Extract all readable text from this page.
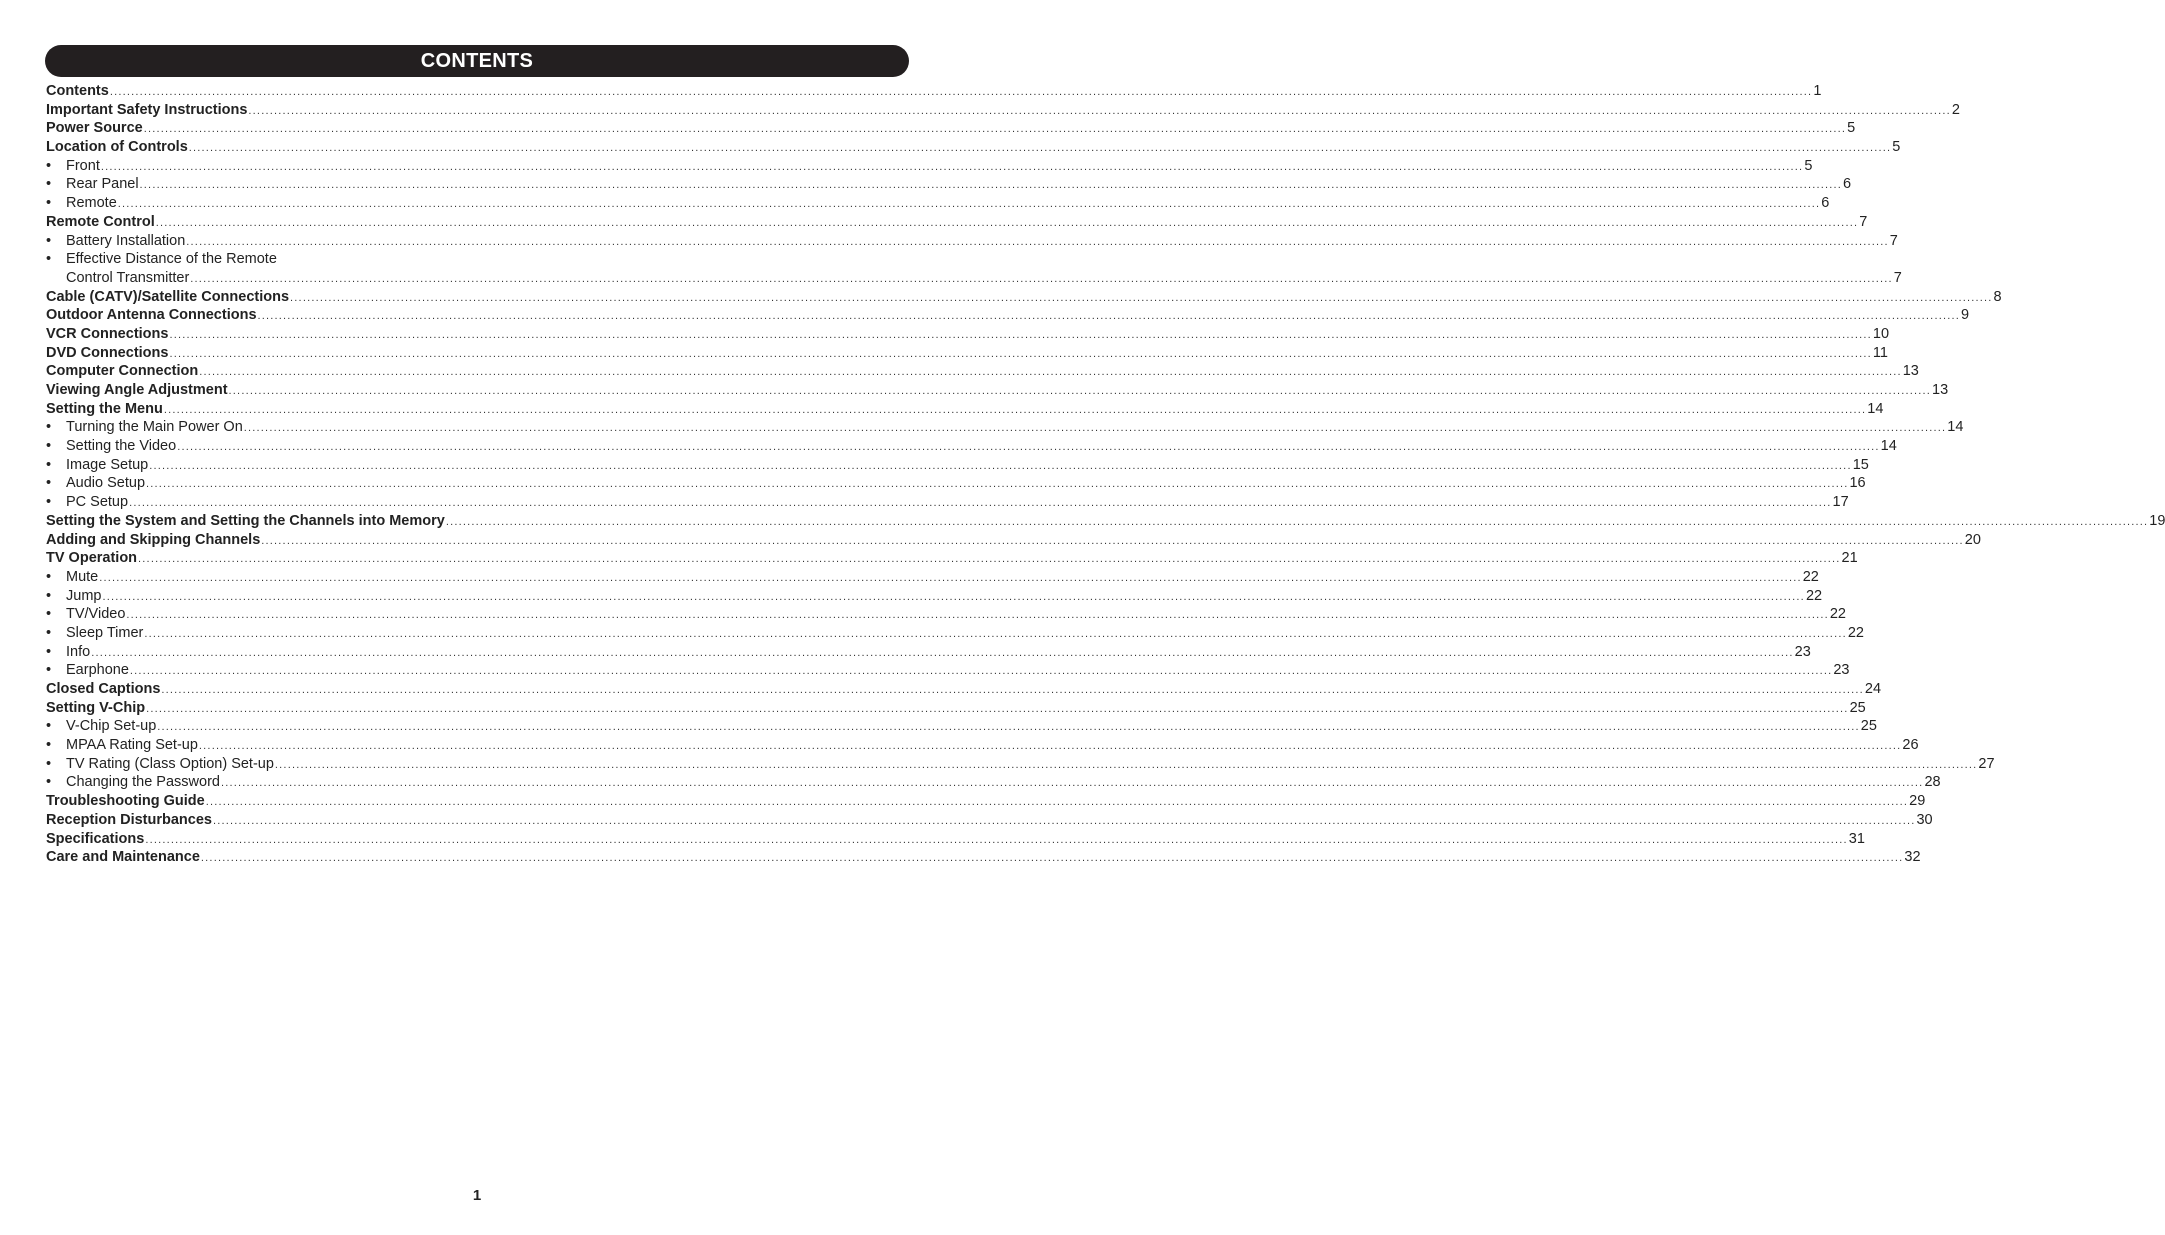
CONTENTS
Contents ................................................................................................................................................................................................................................................................................................................................................................................................................ 1
Important Safety Instructions ................................................................................................................................................................................................................................................................................................................................................................................................................ 2
Power Source ................................................................................................................................................................................................................................................................................................................................................................................................................ 5
Location of Controls ................................................................................................................................................................................................................................................................................................................................................................................................................ 5
•	Front ................................................................................................................................................................................................................................................................................................................................................................................................................ 5
•	Rear Panel ................................................................................................................................................................................................................................................................................................................................................................................................................ 6
•	Remote ................................................................................................................................................................................................................................................................................................................................................................................................................ 6
Remote Control ................................................................................................................................................................................................................................................................................................................................................................................................................ 7
•	Battery Installation ................................................................................................................................................................................................................................................................................................................................................................................................................ 7
•	Effective Distance of the Remote
Control Transmitter ................................................................................................................................................................................................................................................................................................................................................................................................................ 7
Cable (CATV)/Satellite Connections ................................................................................................................................................................................................................................................................................................................................................................................................................ 8
Outdoor Antenna Connections ................................................................................................................................................................................................................................................................................................................................................................................................................ 9
VCR Connections ................................................................................................................................................................................................................................................................................................................................................................................................................ 10
DVD Connections ................................................................................................................................................................................................................................................................................................................................................................................................................ 11
Computer Connection ................................................................................................................................................................................................................................................................................................................................................................................................................ 13
Viewing Angle Adjustment ................................................................................................................................................................................................................................................................................................................................................................................................................ 13
Setting the Menu ................................................................................................................................................................................................................................................................................................................................................................................................................ 14
•	Turning the Main Power On ................................................................................................................................................................................................................................................................................................................................................................................................................ 14
•	Setting the Video ................................................................................................................................................................................................................................................................................................................................................................................................................ 14
•	Image Setup ................................................................................................................................................................................................................................................................................................................................................................................................................ 15
•	Audio Setup ................................................................................................................................................................................................................................................................................................................................................................................................................ 16
•	PC Setup ................................................................................................................................................................................................................................................................................................................................................................................................................ 17
Setting the System and Setting the Channels into Memory ................................................................................................................................................................................................................................................................................................................................................................................................................ 19
Adding and Skipping Channels ................................................................................................................................................................................................................................................................................................................................................................................................................ 20
TV Operation ................................................................................................................................................................................................................................................................................................................................................................................................................ 21
•	Mute ................................................................................................................................................................................................................................................................................................................................................................................................................ 22
•	Jump ................................................................................................................................................................................................................................................................................................................................................................................................................ 22
•	TV/Video ................................................................................................................................................................................................................................................................................................................................................................................................................ 22
•	Sleep Timer ................................................................................................................................................................................................................................................................................................................................................................................................................ 22
•	Info ................................................................................................................................................................................................................................................................................................................................................................................................................ 23
•	Earphone ................................................................................................................................................................................................................................................................................................................................................................................................................ 23
Closed Captions ................................................................................................................................................................................................................................................................................................................................................................................................................ 24
Setting V-Chip ................................................................................................................................................................................................................................................................................................................................................................................................................ 25
•	V-Chip Set-up ................................................................................................................................................................................................................................................................................................................................................................................................................ 25
•	MPAA Rating Set-up ................................................................................................................................................................................................................................................................................................................................................................................................................ 26
•	TV Rating (Class Option) Set-up ................................................................................................................................................................................................................................................................................................................................................................................................................ 27
•	Changing the Password ................................................................................................................................................................................................................................................................................................................................................................................................................ 28
Troubleshooting Guide ................................................................................................................................................................................................................................................................................................................................................................................................................ 29
Reception Disturbances ................................................................................................................................................................................................................................................................................................................................................................................................................ 30
Specifications ................................................................................................................................................................................................................................................................................................................................................................................................................ 31
Care and Maintenance ................................................................................................................................................................................................................................................................................................................................................................................................................ 32
1
